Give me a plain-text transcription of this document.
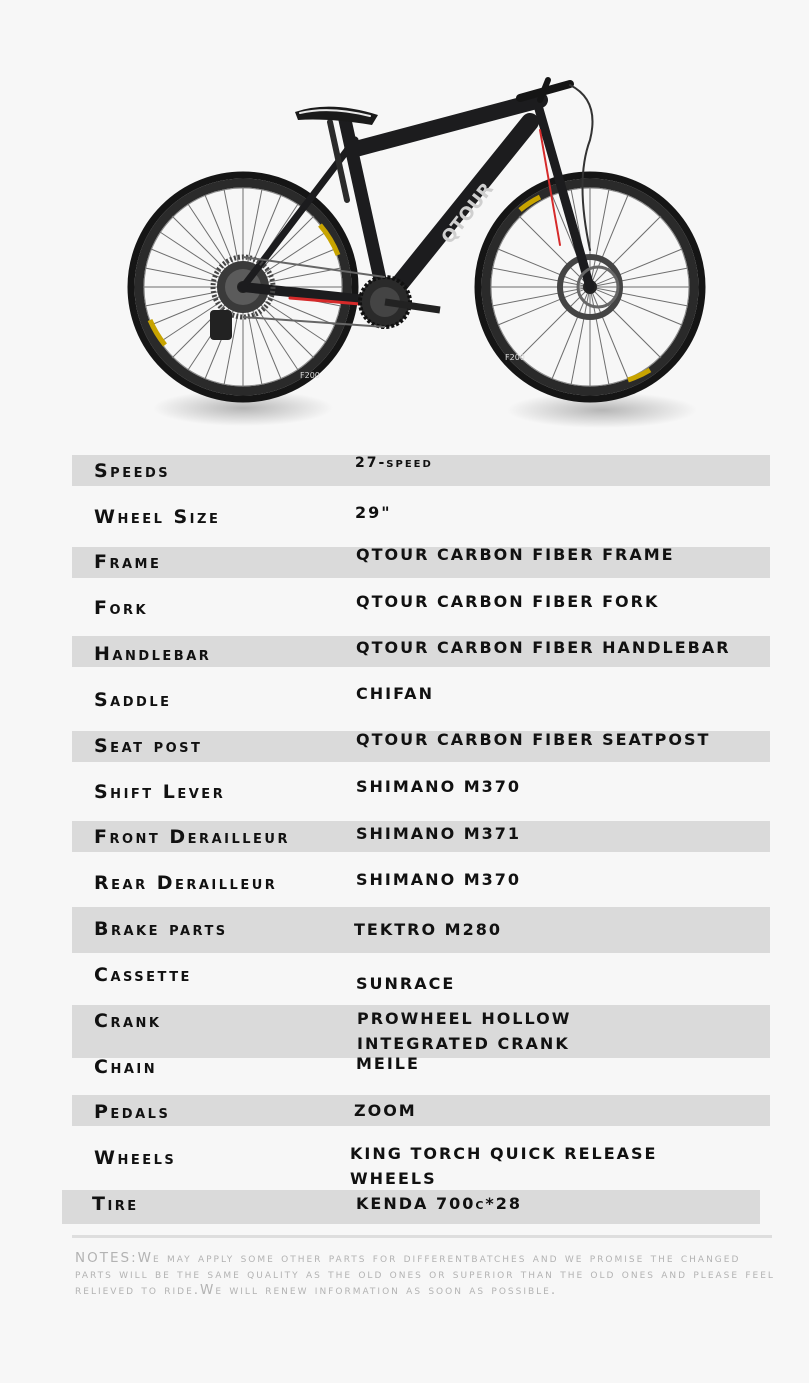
F200
F200
QTOUR
Speeds	27-speed
Wheel Size	29"
Frame	QTOUR CARBON FIBER FRAME
Fork	QTOUR CARBON FIBER FORK
Handlebar	QTOUR CARBON FIBER HANDLEBAR
Saddle	CHIFAN
Seat post	QTOUR CARBON FIBER SEATPOST
Shift Lever	SHIMANO M370
Front Derailleur	SHIMANO M371
Rear Derailleur	SHIMANO M370
Brake parts	TEKTRO M280
Cassette	SUNRACE
Crank	PROWHEEL HOLLOW
INTEGRATED CRANK
Chain	MEILE
Pedals	ZOOM
Wheels	KING TORCH QUICK RELEASE
WHEELS
Tire	KENDA 700c*28

NOTES:We may apply some other parts for differentbatches and we promise the changed parts will be the same quality as the old ones or superior than the old ones and please feel relieved to ride.We will renew information as soon as possible.
